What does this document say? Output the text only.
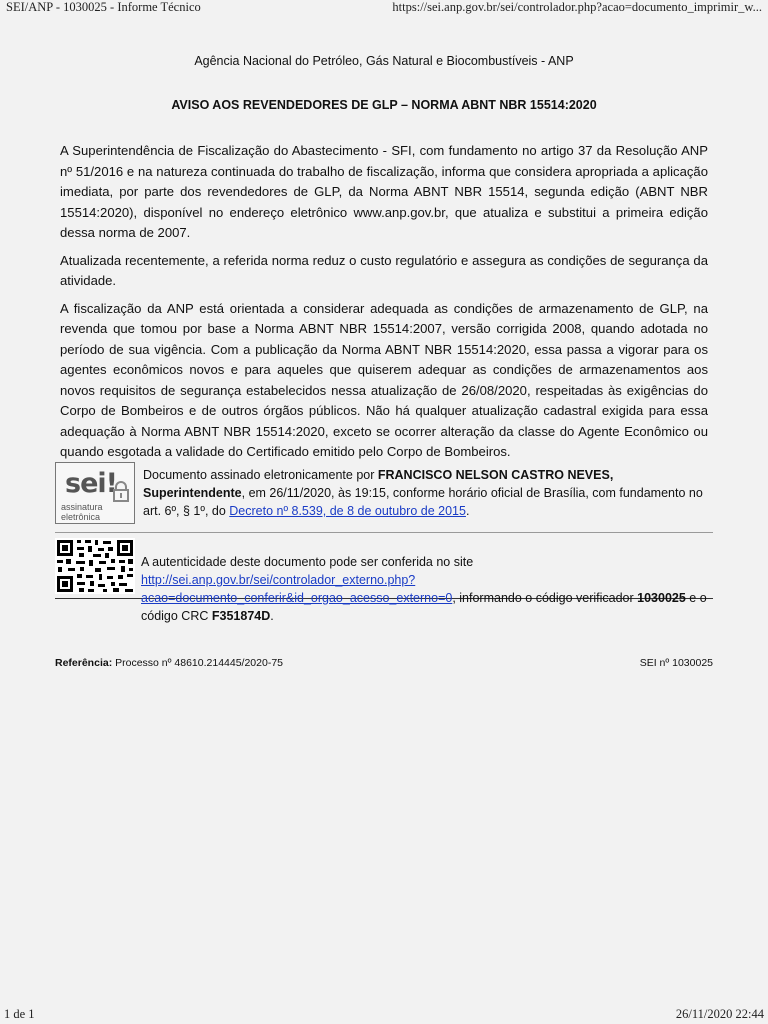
SEI/ANP - 1030025 - Informe Técnico	https://sei.anp.gov.br/sei/controlador.php?acao=documento_imprimir_w...
Agência Nacional do Petróleo, Gás Natural e Biocombustíveis - ANP
AVISO AOS REVENDEDORES DE GLP – NORMA ABNT NBR 15514:2020

A Superintendência de Fiscalização do Abastecimento - SFI, com fundamento no artigo 37 da Resolução ANP nº 51/2016 e na natureza continuada do trabalho de fiscalização, informa que considera apropriada a aplicação imediata, por parte dos revendedores de GLP, da Norma ABNT NBR 15514, segunda edição (ABNT NBR 15514:2020), disponível no endereço eletrônico www.anp.gov.br, que atualiza e substitui a primeira edição dessa norma de 2007.

Atualizada recentemente, a referida norma reduz o custo regulatório e assegura as condições de segurança da atividade.

A fiscalização da ANP está orientada a considerar adequada as condições de armazenamento de GLP, na revenda que tomou por base a Norma ABNT NBR 15514:2007, versão corrigida 2008, quando adotada no período de sua vigência. Com a publicação da Norma ABNT NBR 15514:2020, essa passa a vigorar para os agentes econômicos novos e para aqueles que quiserem adequar as condições de armazenamentos aos novos requisitos de segurança estabelecidos nessa atualização de 26/08/2020, respeitadas às exigências do Corpo de Bombeiros e de outros órgãos públicos. Não há qualquer atualização cadastral exigida para essa adequação à Norma ABNT NBR 15514:2020, exceto se ocorrer alteração da classe do Agente Econômico ou quando esgotada a validade do Certificado emitido pelo Corpo de Bombeiros.

sei!
assinatura eletrônica
Documento assinado eletronicamente por FRANCISCO NELSON CASTRO NEVES, Superintendente, em 26/11/2020, às 19:15, conforme horário oficial de Brasília, com fundamento no art. 6º, § 1º, do Decreto nº 8.539, de 8 de outubro de 2015.
A autenticidade deste documento pode ser conferida no site http://sei.anp.gov.br/sei/controlador_externo.php?acao=documento_conferir&id_orgao_acesso_externo=0, informando o código verificador 1030025 e o código CRC F351874D.
Referência: Processo nº 48610.214445/2020-75	SEI nº 1030025
1 de 1	26/11/2020 22:44
